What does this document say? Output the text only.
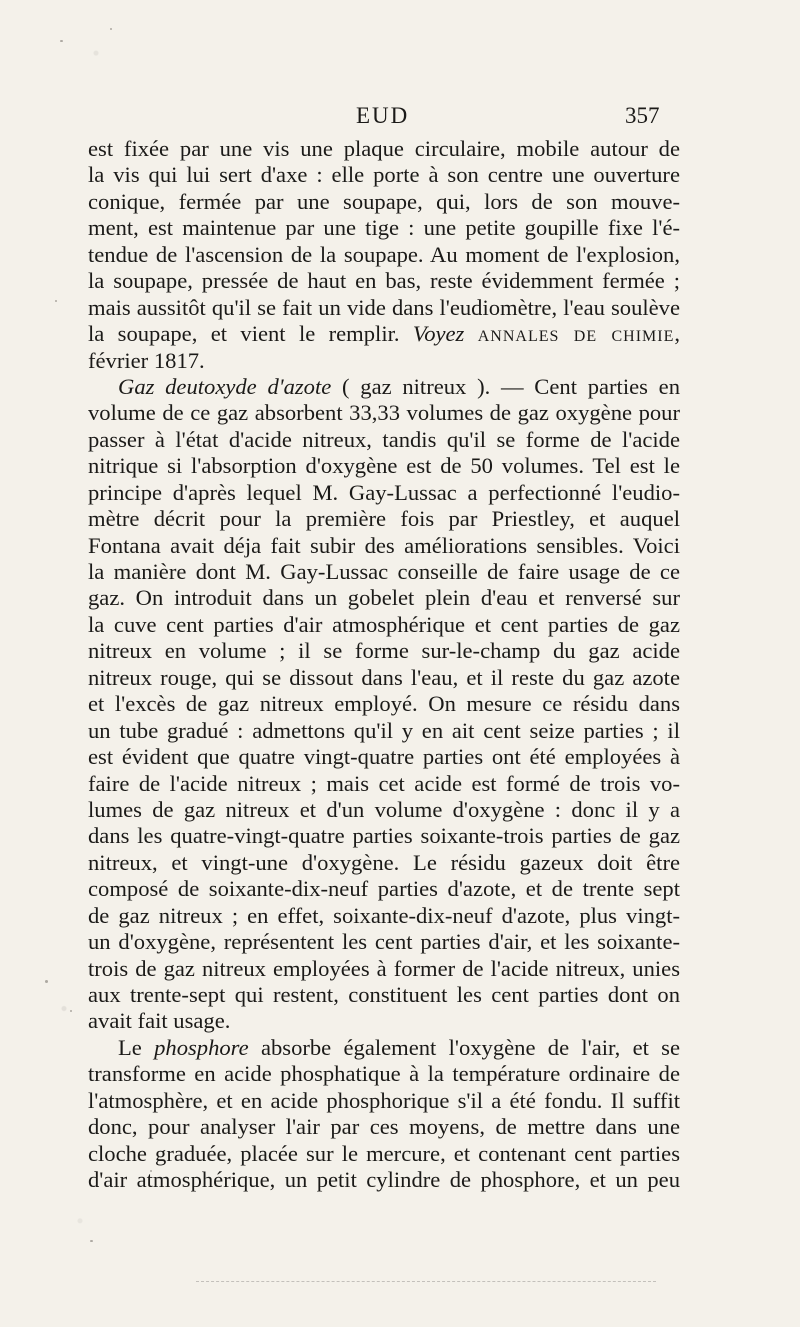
EUD	357
est fixée par une vis une plaque circulaire, mobile autour de
la vis qui lui sert d'axe : elle porte à son centre une ouverture
conique, fermée par une soupape, qui, lors de son mouve-
ment, est maintenue par une tige : une petite goupille fixe l'é-
tendue de l'ascension de la soupape. Au moment de l'explosion,
la soupape, pressée de haut en bas, reste évidemment fermée ;
mais aussitôt qu'il se fait un vide dans l'eudiomètre, l'eau soulève
la soupape, et vient le remplir. Voyez annales de chimie,
février 1817.
Gaz deutoxyde d'azote ( gaz nitreux ). — Cent parties en
volume de ce gaz absorbent 33,33 volumes de gaz oxygène pour
passer à l'état d'acide nitreux, tandis qu'il se forme de l'acide
nitrique si l'absorption d'oxygène est de 50 volumes. Tel est le
principe d'après lequel M. Gay-Lussac a perfectionné l'eudio-
mètre décrit pour la première fois par Priestley, et auquel
Fontana avait déja fait subir des améliorations sensibles. Voici
la manière dont M. Gay-Lussac conseille de faire usage de ce
gaz. On introduit dans un gobelet plein d'eau et renversé sur
la cuve cent parties d'air atmosphérique et cent parties de gaz
nitreux en volume ; il se forme sur-le-champ du gaz acide
nitreux rouge, qui se dissout dans l'eau, et il reste du gaz azote
et l'excès de gaz nitreux employé. On mesure ce résidu dans
un tube gradué : admettons qu'il y en ait cent seize parties ; il
est évident que quatre vingt-quatre parties ont été employées à
faire de l'acide nitreux ; mais cet acide est formé de trois vo-
lumes de gaz nitreux et d'un volume d'oxygène : donc il y a
dans les quatre-vingt-quatre parties soixante-trois parties de gaz
nitreux, et vingt-une d'oxygène. Le résidu gazeux doit être
composé de soixante-dix-neuf parties d'azote, et de trente sept
de gaz nitreux ; en effet, soixante-dix-neuf d'azote, plus vingt-
un d'oxygène, représentent les cent parties d'air, et les soixante-
trois de gaz nitreux employées à former de l'acide nitreux, unies
aux trente-sept qui restent, constituent les cent parties dont on
avait fait usage.
Le phosphore absorbe également l'oxygène de l'air, et se
transforme en acide phosphatique à la température ordinaire de
l'atmosphère, et en acide phosphorique s'il a été fondu. Il suffit
donc, pour analyser l'air par ces moyens, de mettre dans une
cloche graduée, placée sur le mercure, et contenant cent parties
d'air atmosphérique, un petit cylindre de phosphore, et un peu
